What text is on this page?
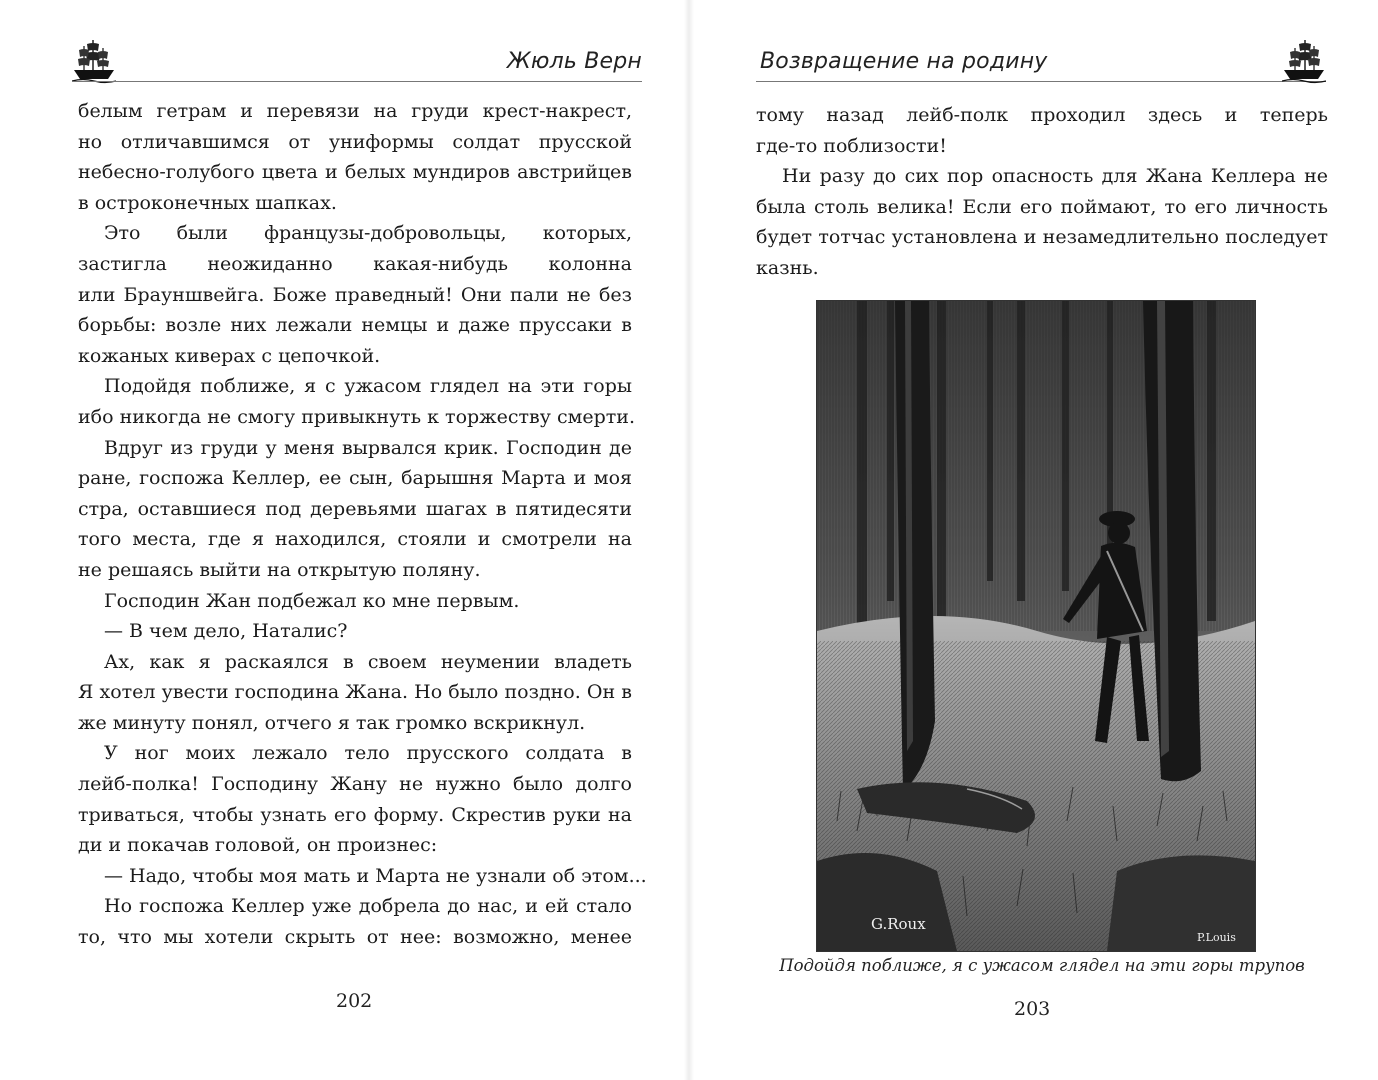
Жюль Верн
белым гетрам и перевязи на груди крест-накрест,
но отличавшимся от униформы солдат прусской
небесно-голубого цвета и белых мундиров австрийцев
в остроконечных шапках.
Это были французы-добровольцы, которых,
застигла неожиданно какая-нибудь колонна
или Брауншвейга. Боже праведный! Они пали не без
борьбы: возле них лежали немцы и даже пруссаки в
кожаных киверах с цепочкой.
Подойдя поближе, я с ужасом глядел на эти горы
ибо никогда не смогу привыкнуть к торжеству смерти.
Вдруг из груди у меня вырвался крик. Господин де
ране, госпожа Келлер, ее сын, барышня Марта и моя
стра, оставшиеся под деревьями шагах в пятидесяти
того места, где я находился, стояли и смотрели на
не решаясь выйти на открытую поляну.
Господин Жан подбежал ко мне первым.
— В чем дело, Наталис?
Ах, как я раскаялся в своем неумении владеть
Я хотел увести господина Жана. Но было поздно. Он в
же минуту понял, отчего я так громко вскрикнул.
У ног моих лежало тело прусского солдата в
лейб-полка! Господину Жану не нужно было долго
триваться, чтобы узнать его форму. Скрестив руки на
ди и покачав головой, он произнес:
— Надо, чтобы моя мать и Марта не узнали об этом...
Но госпожа Келлер уже добрела до нас, и ей стало
то, что мы хотели скрыть от нее: возможно, менее
202
Возвращение на родину
тому назад лейб-полк проходил здесь и теперь
где-то поблизости!
Ни разу до сих пор опасность для Жана Келлера не
была столь велика! Если его поймают, то его личность
будет тотчас установлена и незамедлительно последует
казнь.
G.Roux
P.Louis
Подойдя поближе, я с ужасом глядел на эти горы трупов
203
